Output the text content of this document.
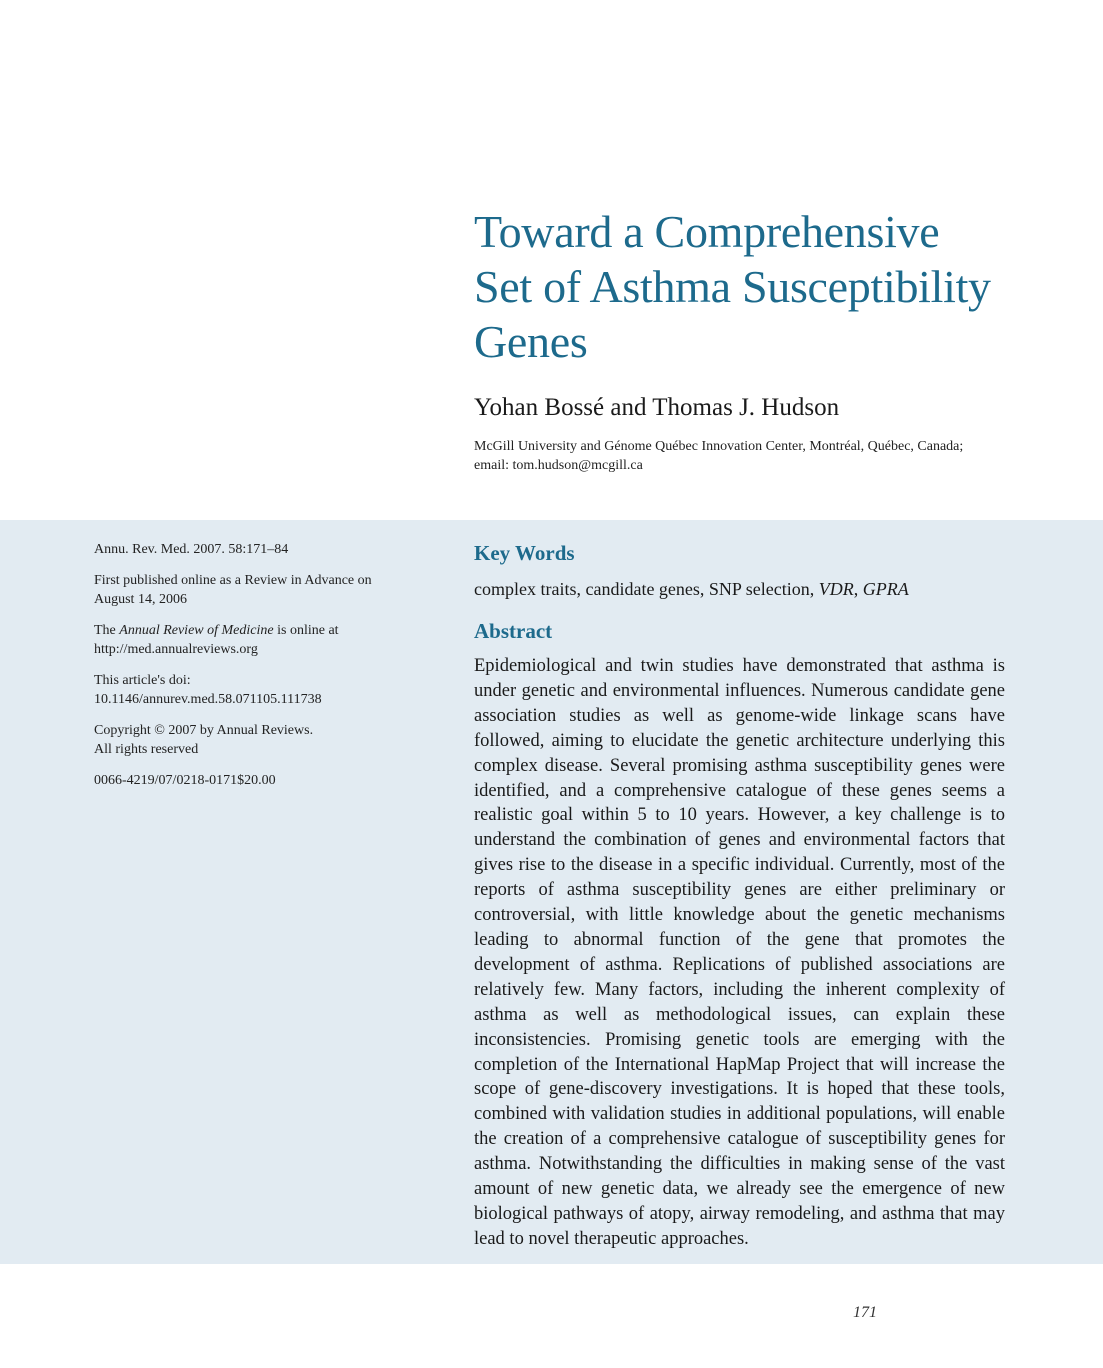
Toward a Comprehensive
Set of Asthma Susceptibility
Genes

Yohan Bossé and Thomas J. Hudson

McGill University and Génome Québec Innovation Center, Montréal, Québec, Canada; email: tom.hudson@mcgill.ca

Annu. Rev. Med. 2007. 58:171–84

First published online as a Review in Advance on
August 14, 2006

The Annual Review of Medicine is online at
http://med.annualreviews.org

This article's doi:
10.1146/annurev.med.58.071105.111738

Copyright © 2007 by Annual Reviews.
All rights reserved

0066-4219/07/0218-0171$20.00

Key Words
complex traits, candidate genes, SNP selection, VDR, GPRA
Abstract

Epidemiological and twin studies have demonstrated that asthma is under genetic and environmental influences. Numerous candidate gene association studies as well as genome-wide linkage scans have followed, aiming to elucidate the genetic architecture underlying this complex disease. Several promising asthma susceptibility genes were identified, and a comprehensive catalogue of these genes seems a realistic goal within 5 to 10 years. However, a key challenge is to understand the combination of genes and environmental factors that gives rise to the disease in a specific individual. Currently, most of the reports of asthma susceptibility genes are either preliminary or controversial, with little knowledge about the genetic mechanisms leading to abnormal function of the gene that promotes the development of asthma. Replications of published associations are relatively few. Many factors, including the inherent complexity of asthma as well as methodological issues, can explain these inconsistencies. Promising genetic tools are emerging with the completion of the International HapMap Project that will increase the scope of gene-discovery investigations. It is hoped that these tools, combined with validation studies in additional populations, will enable the creation of a comprehensive catalogue of susceptibility genes for asthma. Notwithstanding the difficulties in making sense of the vast amount of new genetic data, we already see the emergence of new biological pathways of atopy, airway remodeling, and asthma that may lead to novel therapeutic approaches.

171
